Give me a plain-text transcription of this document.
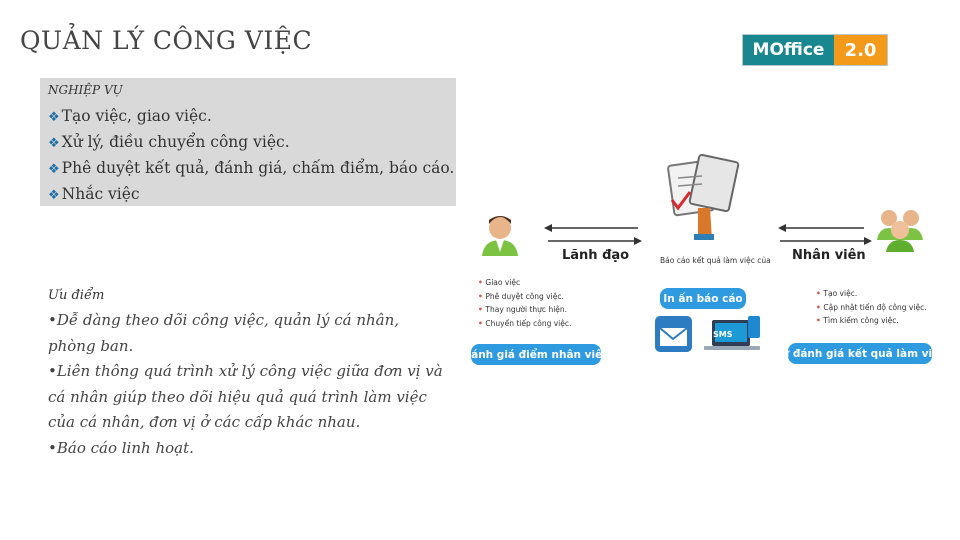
QUẢN LÝ CÔNG VIỆC	MOffice	2.0
NGHIỆP VỤ
❖ Tạo việc, giao việc.
❖ Xử lý, điều chuyển công việc.
❖ Phê duyệt kết quả, đánh giá, chấm điểm, báo cáo.
❖ Nhắc việc
Ưu điểm

•Dễ dàng theo dõi công việc, quản lý cá nhân, phòng ban.

•Liên thông quá trình xử lý công việc giữa đơn vị và cá nhân giúp theo dõi hiệu quả quá trình làm việc của cá nhân, đơn vị ở các cấp khác nhau.

•Báo cáo linh hoạt.

Lãnh đạo	Nhân viên
Báo cáo kết quả làm việc của
• Giao việc
• Phê duyệt công việc.
• Thay người thực hiện.
• Chuyển tiếp công việc.
• Tạo việc.
• Cập nhật tiến độ công việc.
• Tìm kiếm công việc.
In ấn báo cáo
Đánh giá điểm nhân viên	Tự đánh giá kết quả làm việc
SMS
